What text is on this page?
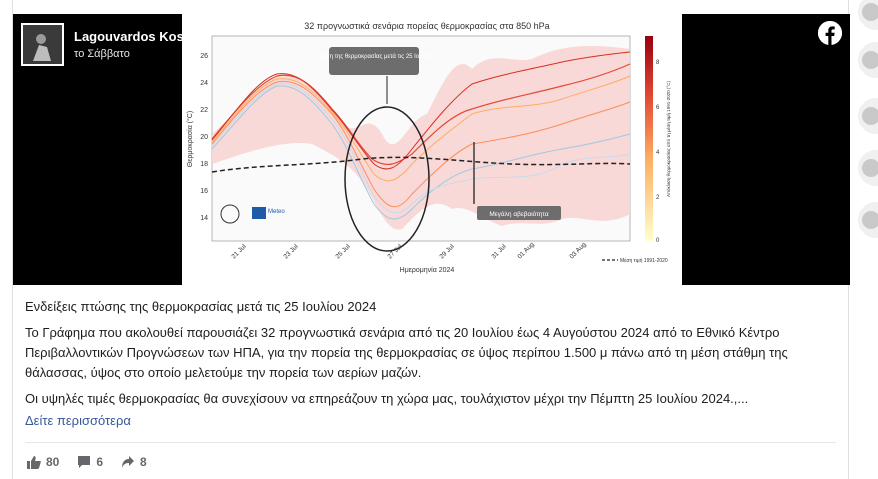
Πτώση της θερμοκρασίας μετά τις 25 Ιουλίου
Μεγάλη αβεβαιότητα
32 προγνωστικά σενάρια πορείας θερμοκρασίας στα 850 hPa
Θερμοκρασία (°C)
26
24
22
20
18
16
14
21 Jul	23 Jul	25 Jul	27 Jul	29 Jul	31 Jul 01 Aug	03 Aug
Ημερομηνία 2024
Μέση τιμή 1991-2020
Meteo
8
6
4
2
0
Απόκλιση θερμοκρασίας από τη μέση τιμή 1991-2020 (°C)
Lagouvardos Kostas
το Σάββατο

Ενδείξεις πτώσης της θερμοκρασίας μετά τις 25 Ιουλίου 2024

Το Γράφημα που ακολουθεί παρουσιάζει 32 προγνωστικά σενάρια από τις 20 Ιουλίου έως 4 Αυγούστου 2024 από το Εθνικό Κέντρο Περιβαλλοντικών Προγνώσεων των ΗΠΑ, για την πορεία της θερμοκρασίας σε ύψος περίπου 1.500 μ πάνω από τη μέση στάθμη της θάλασσας, ύψος στο οποίο μελετούμε την πορεία των αερίων μαζών.

Οι υψηλές τιμές θερμοκρασίας θα συνεχίσουν να επηρεάζουν τη χώρα μας, τουλάχιστον μέχρι την Πέμπτη 25 Ιουλίου 2024.,...

Δείτε περισσότερα
80	6	8
